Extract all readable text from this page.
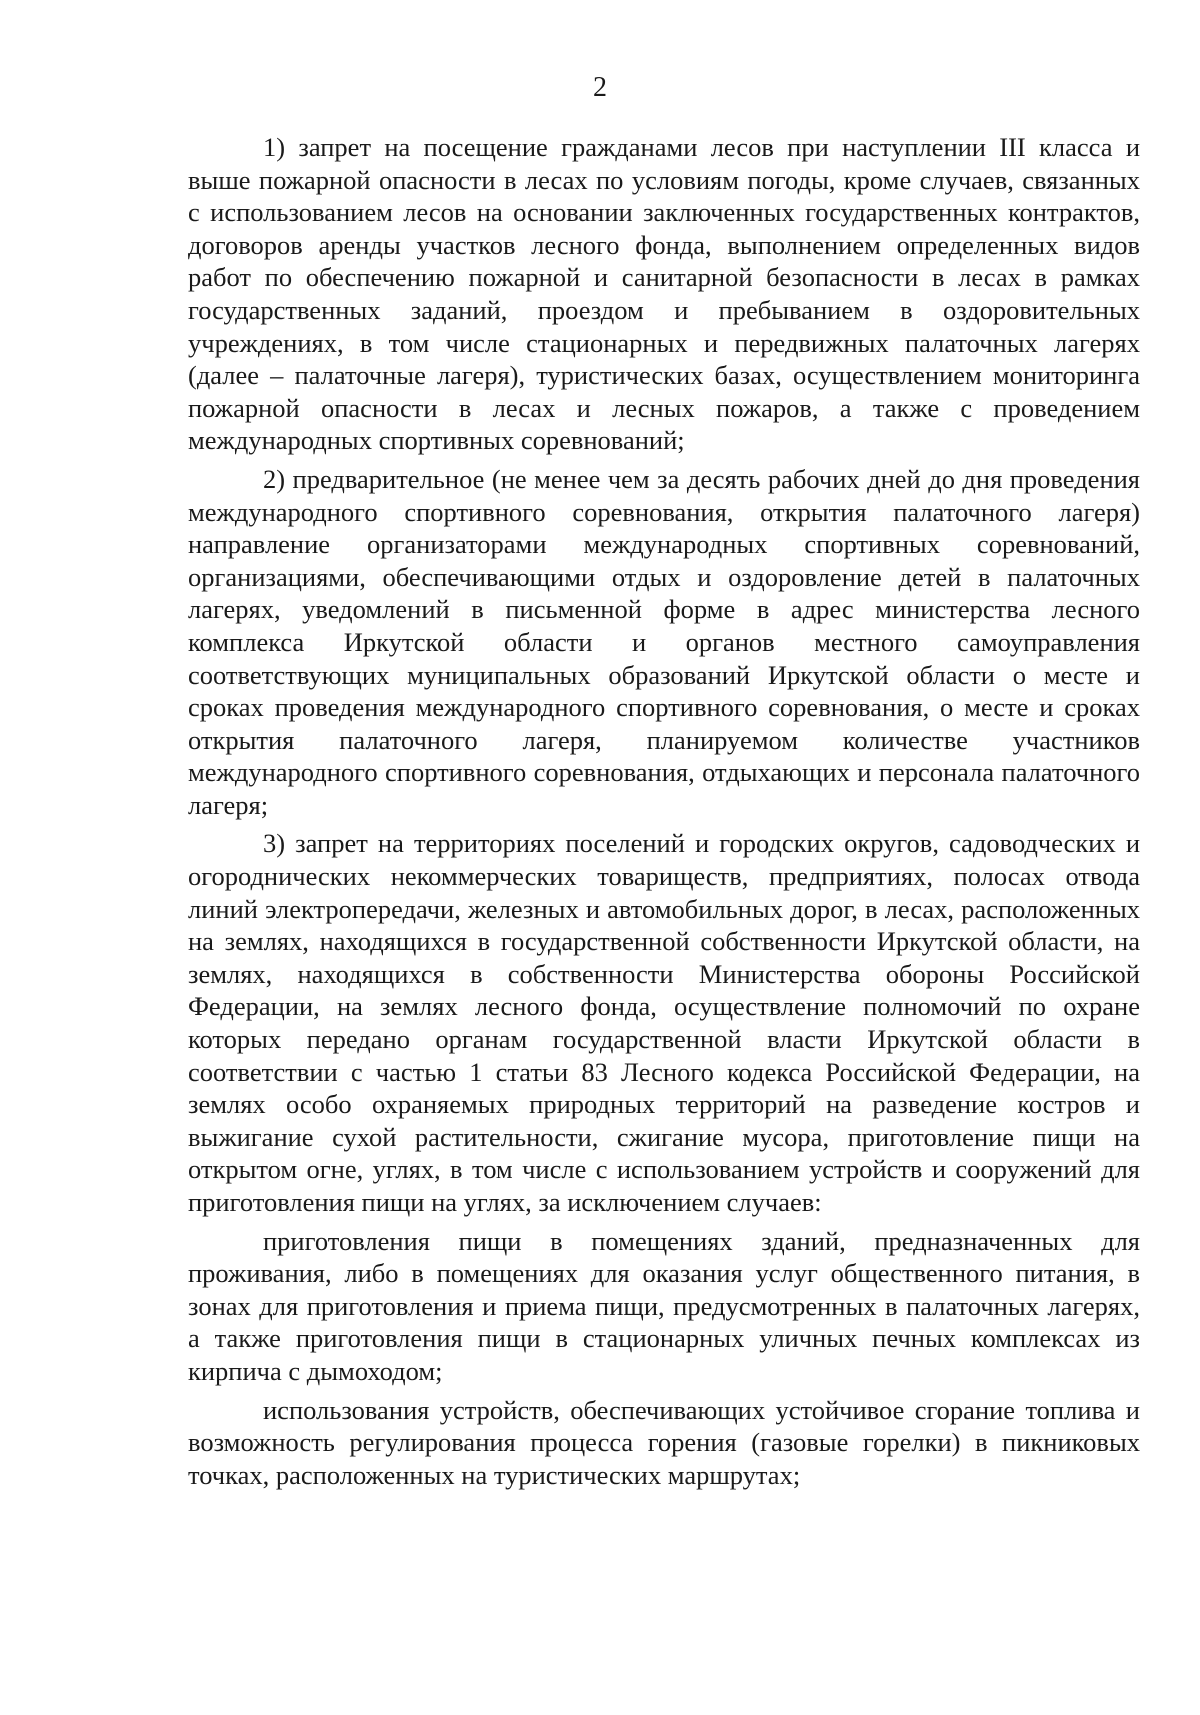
2

1) запрет на посещение гражданами лесов при наступлении III класса и выше пожарной опасности в лесах по условиям погоды, кроме случаев, связанных с использованием лесов на основании заключенных государственных контрактов, договоров аренды участков лесного фонда, выполнением определенных видов работ по обеспечению пожарной и санитарной безопасности в лесах в рамках государственных заданий, проездом и пребыванием в оздоровительных учреждениях, в том числе стационарных и передвижных палаточных лагерях (далее – палаточные лагеря), туристических базах, осуществлением мониторинга пожарной опасности в лесах и лесных пожаров, а также с проведением международных спортивных соревнований;

2) предварительное (не менее чем за десять рабочих дней до дня проведения международного спортивного соревнования, открытия палаточного лагеря) направление организаторами международных спортивных соревнований, организациями, обеспечивающими отдых и оздоровление детей в палаточных лагерях, уведомлений в письменной форме в адрес министерства лесного комплекса Иркутской области и органов местного самоуправления соответствующих муниципальных образований Иркутской области о месте и сроках проведения международного спортивного соревнования, о месте и сроках открытия палаточного лагеря, планируемом количестве участников международного спортивного соревнования, отдыхающих и персонала палаточного лагеря;

3) запрет на территориях поселений и городских округов, садоводческих и огороднических некоммерческих товариществ, предприятиях, полосах отвода линий электропередачи, железных и автомобильных дорог, в лесах, расположенных на землях, находящихся в государственной собственности Иркутской области, на землях, находящихся в собственности Министерства обороны Российской Федерации, на землях лесного фонда, осуществление полномочий по охране которых передано органам государственной власти Иркутской области в соответствии с частью 1 статьи 83 Лесного кодекса Российской Федерации, на землях особо охраняемых природных территорий на разведение костров и выжигание сухой растительности, сжигание мусора, приготовление пищи на открытом огне, углях, в том числе с использованием устройств и сооружений для приготовления пищи на углях, за исключением случаев:

приготовления пищи в помещениях зданий, предназначенных для проживания, либо в помещениях для оказания услуг общественного питания, в зонах для приготовления и приема пищи, предусмотренных в палаточных лагерях, а также приготовления пищи в стационарных уличных печных комплексах из кирпича с дымоходом;

использования устройств, обеспечивающих устойчивое сгорание топлива и возможность регулирования процесса горения (газовые горелки) в пикниковых точках, расположенных на туристических маршрутах;
